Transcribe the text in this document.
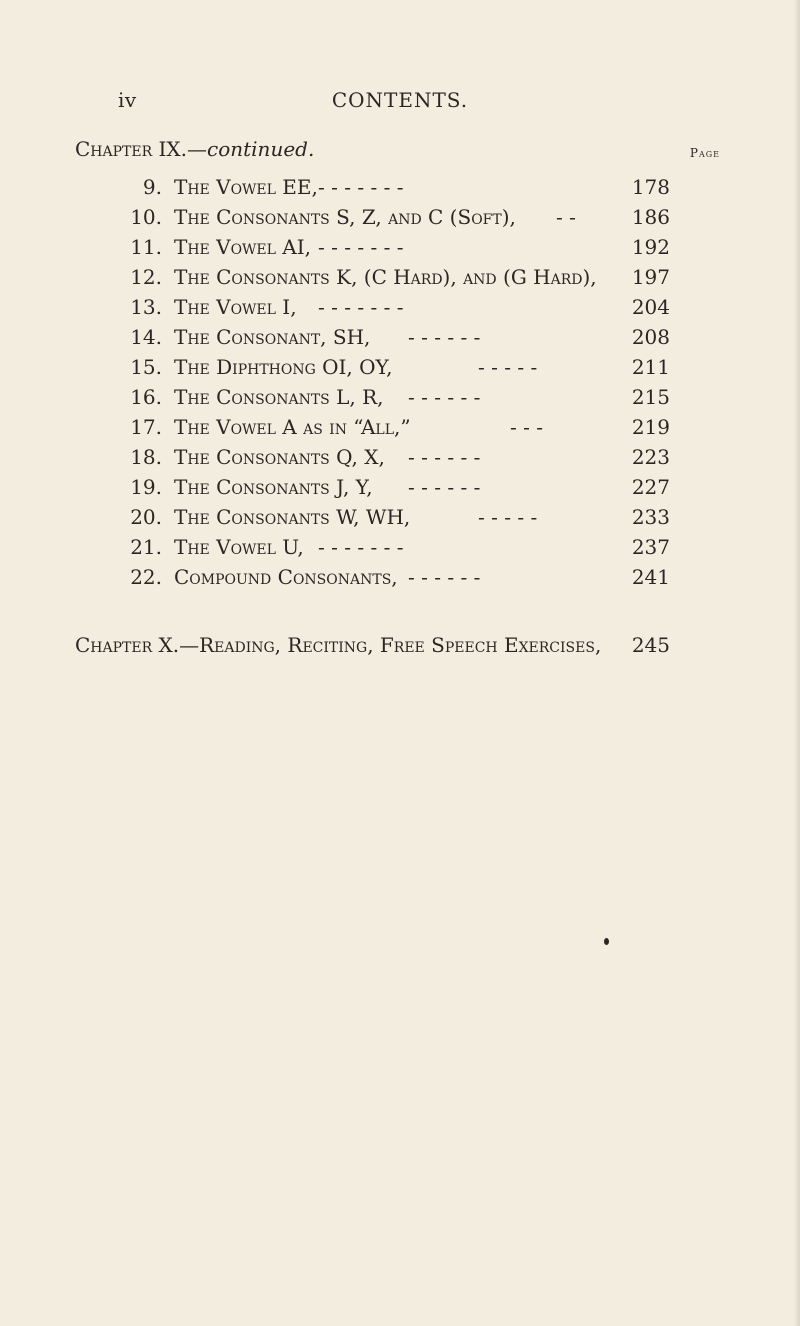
iv	CONTENTS.
Chapter IX.—continued.	Page
9. The Vowel EE, - - - - - - -	178
10. The Consonants S, Z, and C (Soft), - -	186
11. The Vowel AI, - - - - - - -	192
12. The Consonants K, (C Hard), and (G Hard), 197
13. The Vowel I, - - - - - - -	204
14. The Consonant, SH, - - - - - -	208
15. The Diphthong OI, OY,	- - - - -	211
16. The Consonants L, R, - - - - - -	215
17. The Vowel A as in “All,”	- - -	219
18. The Consonants Q, X, - - - - - -	223
19. The Consonants J, Y, - - - - - -	227
20. The Consonants W, WH,	- - - - -	233
21. The Vowel U, - - - - - - -	237
22. Compound Consonants, - - - - - -	241
Chapter X.—Reading, Reciting, Free Speech Exercises, 245
